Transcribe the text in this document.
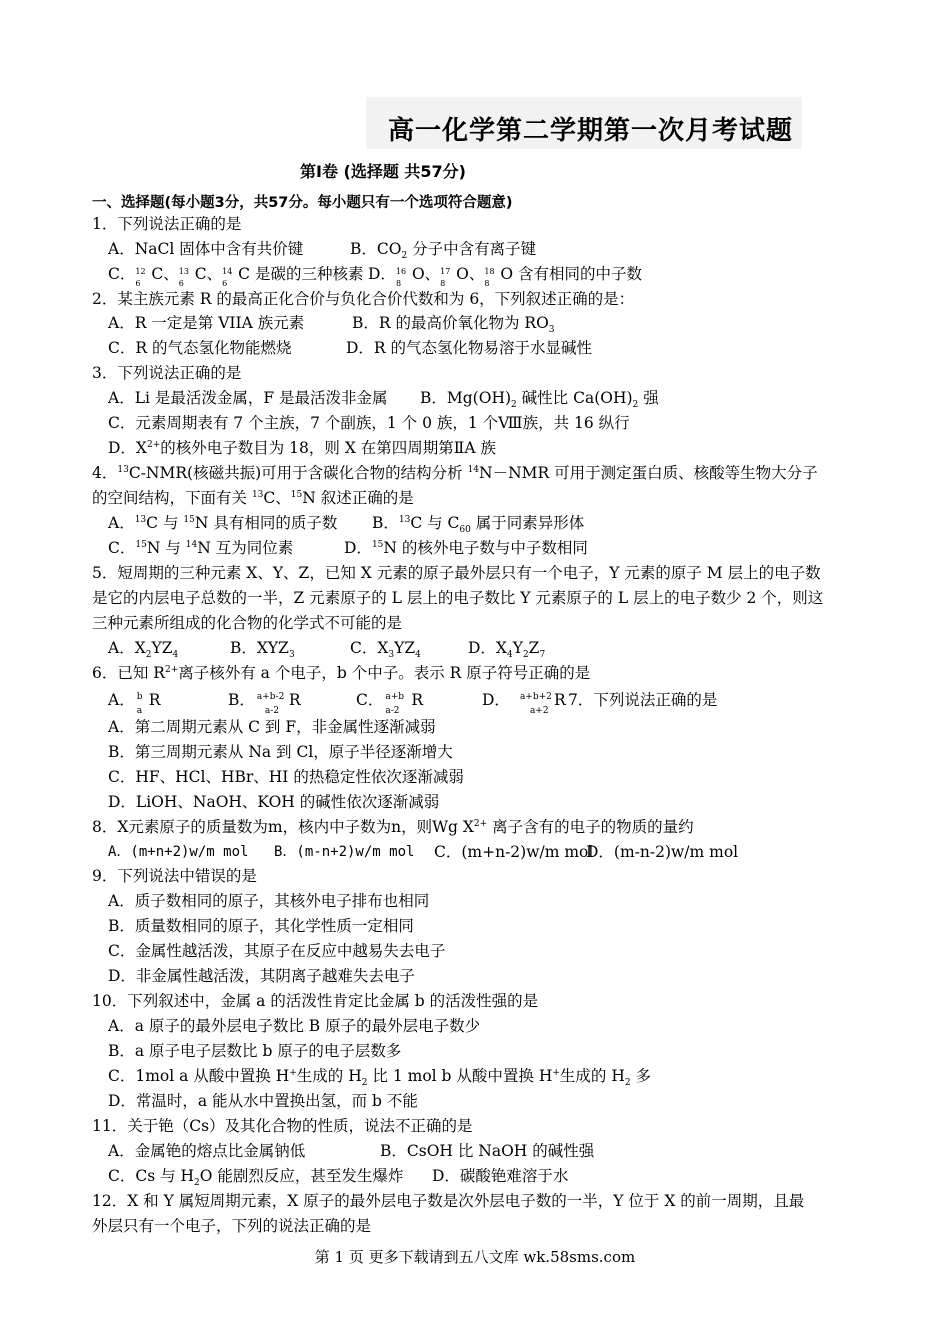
高一化学第二学期第一次月考试题
第Ⅰ卷 (选择题 共57分)
一、选择题(每小题3分，共57分。每小题只有一个选项符合题意)
1．下列说法正确的是
A．NaCl 固体中含有共价键	B．$CO_2$ 分子中含有离子键
C． 12
6
C、 13
6
C、 14
6
C 是碳的三种核素 D． 16
8
O、 17
8
O、 18
8
O 含有相同的中子数
2．某主族元素 R 的最高正化合价与负化合价代数和为 6，下列叙述正确的是：
A．R 一定是第 VIIA 族元素	B．R 的最高价氧化物为 $RO_3$
C．R 的气态氢化物能燃烧	D．R 的气态氢化物易溶于水显碱性
3．下列说法正确的是
A．Li 是最活泼金属，F 是最活泼非金属 B．$Mg(OH)_2$ 碱性比 $Ca(OH)_2$ 强
C．元素周期表有 7 个主族，7 个副族，1 个 0 族，1 个Ⅷ族，共 16 纵行
D．$X^{2+}$的核外电子数目为 18，则 X 在第四周期第ⅡA 族
4．$^{13}$C-NMR(核磁共振)可用于含碳化合物的结构分析 $^{14}$N－NMR 可用于测定蛋白质、核酸等生物大分子
的空间结构，下面有关 $^{13}$C、$^{15}$N 叙述正确的是
A．$^{13}$C 与 $^{15}$N 具有相同的质子数 B．$^{13}$C 与 $C_{60}$ 属于同素异形体
C．$^{15}$N 与 $^{14}$N 互为同位素	D．$^{15}$N 的核外电子数与中子数相同
5．短周期的三种元素 X、Y、Z，已知 X 元素的原子最外层只有一个电子，Y 元素的原子 M 层上的电子数
是它的内层电子总数的一半，Z 元素原子的 L 层上的电子数比 Y 元素原子的 L 层上的电子数少 2 个，则这
三种元素所组成的化合物的化学式不可能的是
A．$X_2YZ_4$	B．$XYZ_3$	C．$X_3YZ_4$	D．$X_4Y_2Z_7$
6．已知 $R^{2+}$离子核外有 a 个电子，b 个中子。表示 R 原子符号正确的是
A． b
a
R	B． a+b-2
a-2
R	C． a+b
a-2
R	D． a+b+2
a+2
R 7．下列说法正确的是
A．第二周期元素从 C 到 F，非金属性逐渐减弱
B．第三周期元素从 Na 到 Cl，原子半径逐渐增大
C．HF、HCl、HBr、HI 的热稳定性依次逐渐减弱
D．LiOH、NaOH、KOH 的碱性依次逐渐减弱
8．X元素原子的质量数为m，核内中子数为n，则Wg $X^{2+}$ 离子含有的电子的物质的量约
A．(m+n+2)w/m mol B．(m-n+2)w/m mol C．(m+n-2)w/m mol
D．(m-n-2)w/m mol
9．下列说法中错误的是
A．质子数相同的原子，其核外电子排布也相同
B．质量数相同的原子，其化学性质一定相同
C．金属性越活泼，其原子在反应中越易失去电子
D．非金属性越活泼，其阴离子越难失去电子
10．下列叙述中，金属 a 的活泼性肯定比金属 b 的活泼性强的是
A．a 原子的最外层电子数比 B 原子的最外层电子数少
B．a 原子电子层数比 b 原子的电子层数多
C．1mol a 从酸中置换 H+生成的 $H_2$ 比 1 mol b 从酸中置换 H+生成的 $H_2$ 多
D．常温时，a 能从水中置换出氢，而 b 不能
11．关于铯（Cs）及其化合物的性质，说法不正确的是
A．金属铯的熔点比金属钠低	B．CsOH 比 NaOH 的碱性强
C．Cs 与 $H_2O$ 能剧烈反应，甚至发生爆炸 D．碳酸铯难溶于水
12．X 和 Y 属短周期元素，X 原子的最外层电子数是次外层电子数的一半，Y 位于 X 的前一周期，且最
外层只有一个电子，下列的说法正确的是
第 1 页 更多下载请到五八文库 wk.58sms.com
